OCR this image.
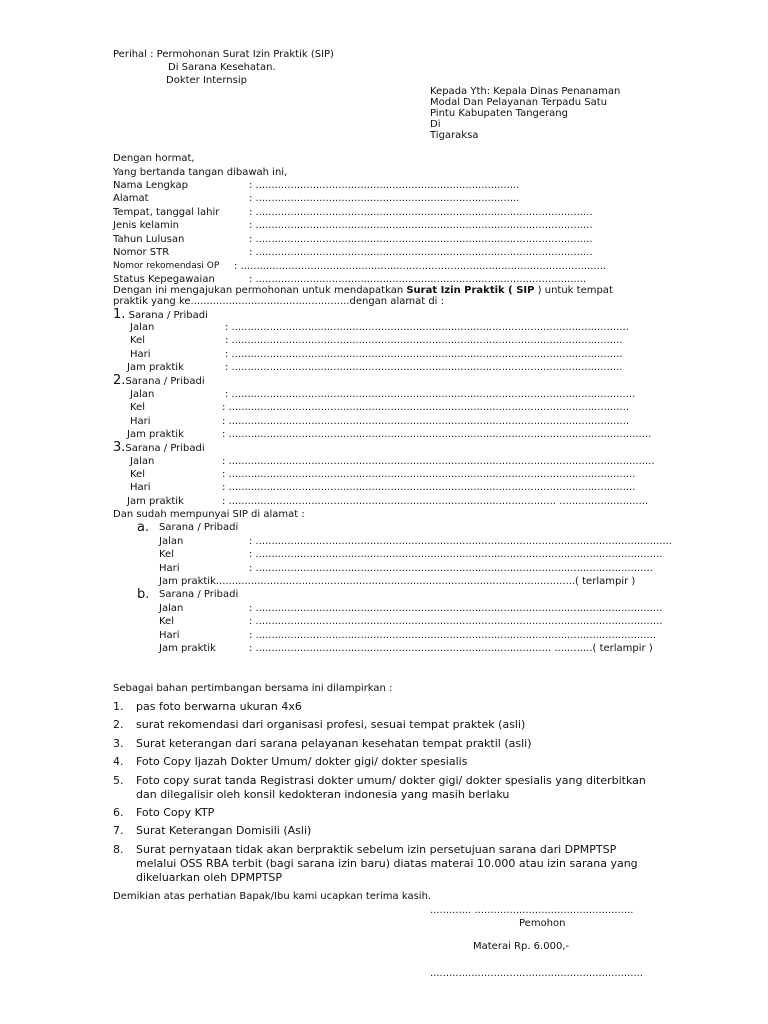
Perihal : Permohonan Surat Izin Praktik (SIP)
Di Sarana Kesehatan.
Dokter Internsip
Kepada Yth: Kepala Dinas Penanaman
Modal Dan Pelayanan Terpadu Satu
Pintu Kabupaten Tangerang
Di
Tigaraksa
Dengan hormat,
Yang bertanda tangan dibawah ini,
Nama Lengkap	: ...................................................................................
Alamat	: ...................................................................................
Tempat, tanggal lahir	: ..........................................................................................................
Jenis kelamin	: ..........................................................................................................
Tahun Lulusan	: ..........................................................................................................
Nomor STR	: ..........................................................................................................
Nomor rekomendasi OP : ...................................................................................................................
Status Kepegawaian	: ........................................................................................................
Dengan ini mengajukan permohonan untuk mendapatkan Surat Izin Praktik ( SIP ) untuk tempat
praktik yang ke..................................................dengan alamat di :
1. Sarana / Pribadi
Jalan	: .............................................................................................................................
Kel	: ...........................................................................................................................
Hari	: ...........................................................................................................................
Jam praktik	: ...........................................................................................................................
2.Sarana / Pribadi
Jalan	: ...............................................................................................................................
Kel	: ..............................................................................................................................
Hari	: ..............................................................................................................................
Jam praktik	: .....................................................................................................................................
3.Sarana / Pribadi
Jalan	: ......................................................................................................................................
Kel	: ................................................................................................................................
Hari	: ................................................................................................................................
Jam praktik	: ....................................................................................................... ............................
Dan sudah mempunyai SIP di alamat :
a. Sarana / Pribadi
Jalan	: ...................................................................................................................................
Kel	: ................................................................................................................................
Hari	: .............................................................................................................................
Jam praktik.................................................................................................................( terlampir )
b. Sarana / Pribadi
Jalan	: ................................................................................................................................
Kel	: ................................................................................................................................
Hari	: ..............................................................................................................................
Jam praktik	: ............................................................................................. ............( terlampir )
Sebagai bahan pertimbangan bersama ini dilampirkan :
1. pas foto berwarna ukuran 4x6
2. surat rekomendasi dari organisasi profesi, sesuai tempat praktek (asli)
3. Surat keterangan dari sarana pelayanan kesehatan tempat praktil (asli)
4. Foto Copy Ijazah Dokter Umum/ dokter gigi/ dokter spesialis
5. Foto copy surat tanda Registrasi dokter umum/ dokter gigi/ dokter spesialis yang diterbitkan
dan dilegalisir oleh konsil kedokteran indonesia yang masih berlaku
6. Foto Copy KTP
7. Surat Keterangan Domisili (Asli)
8. Surat pernyataan tidak akan berpraktik sebelum izin persetujuan sarana dari DPMPTSP
melalui OSS RBA terbit (bagi sarana izin baru) diatas materai 10.000 atau izin sarana yang
dikeluarkan oleh DPMPTSP
Demikian atas perhatian Bapak/Ibu kami ucapkan terima kasih.
............. ..................................................
Pemohon
Materai Rp. 6.000,-
...................................................................
